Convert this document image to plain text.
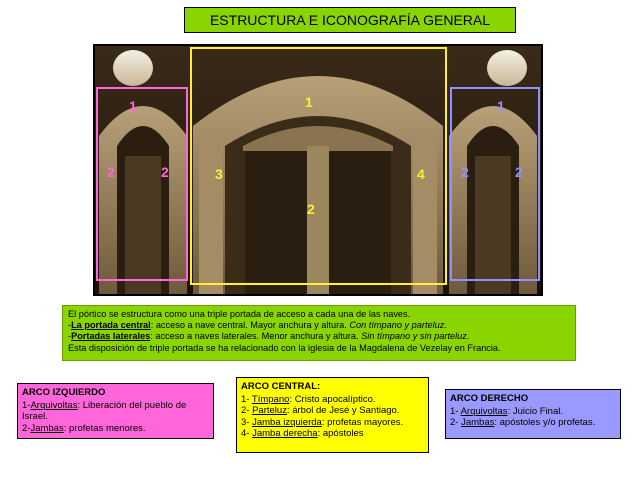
ESTRUCTURA E ICONOGRAFÍA GENERAL
1
2	2
1
2
3	4
1
2	2
El pórtico se estructura como una triple portada de acceso a cada una de las naves.
-La portada central: acceso a nave central. Mayor anchura y altura. Con tímpano y parteluz.
-Portadas laterales: acceso a naves laterales. Menor anchura y altura. Sin tímpano y sin parteluz.
Esta disposición de triple portada se ha relacionado con la iglesia de la Magdalena de Vezelay en Francia.
ARCO IZQUIERDO
1-Arquivoltas: Liberación del pueblo de Israel.
2-Jambas: profetas menores.
ARCO CENTRAL:
1- Tímpano: Cristo apocalíptico.
2- Parteluz: árbol de Jesé y Santiago.
3- Jamba izquierda: profetas mayores.
4- Jamba derecha: apóstoles
ARCO DERECHO
1- Arquivoltas: Juicio Final.
2- Jambas: apóstoles y/o profetas.
